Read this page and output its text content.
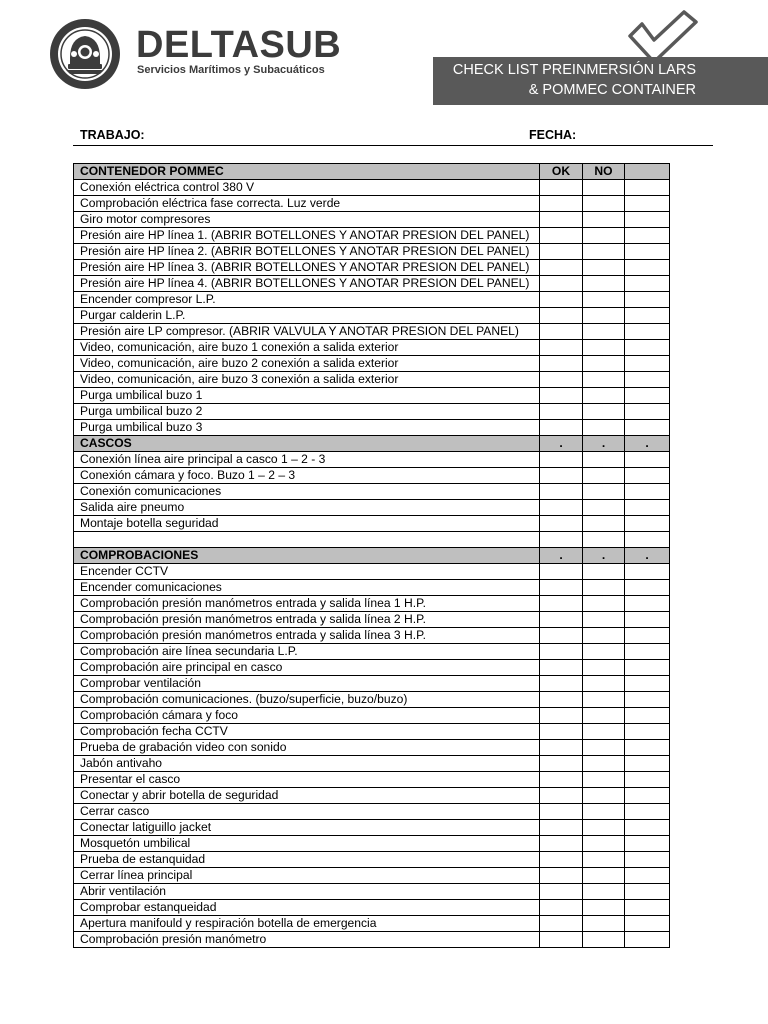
DELTASUB
Servicios Marítimos y Subacuáticos	CHECK LIST PREINMERSIÓN LARS
& POMMEC CONTAINER
TRABAJO:	FECHA:
CONTENEDOR POMMEC	OK	NO	
Conexión eléctrica control 380 V			
Comprobación eléctrica fase correcta. Luz verde			
Giro motor compresores			
Presión aire HP línea 1. (ABRIR BOTELLONES Y ANOTAR PRESION DEL PANEL)			
Presión aire HP línea 2. (ABRIR BOTELLONES Y ANOTAR PRESION DEL PANEL)			
Presión aire HP línea 3. (ABRIR BOTELLONES Y ANOTAR PRESION DEL PANEL)			
Presión aire HP línea 4. (ABRIR BOTELLONES Y ANOTAR PRESION DEL PANEL)			
Encender compresor L.P.			
Purgar calderin L.P.			
Presión aire LP compresor. (ABRIR VALVULA Y ANOTAR PRESION DEL PANEL)			
Video, comunicación, aire buzo 1 conexión a salida exterior			
Video, comunicación, aire buzo 2 conexión a salida exterior			
Video, comunicación, aire buzo 3 conexión a salida exterior			
Purga umbilical buzo 1			
Purga umbilical buzo 2			
Purga umbilical buzo 3			
CASCOS	.	.	.
Conexión línea aire principal a casco 1 – 2 - 3			
Conexión cámara y foco. Buzo 1 – 2 – 3			
Conexión comunicaciones			
Salida aire pneumo			
Montaje botella seguridad			

COMPROBACIONES	.	.	.
Encender CCTV			
Encender comunicaciones			
Comprobación presión manómetros entrada y salida línea 1 H.P.			
Comprobación presión manómetros entrada y salida línea 2 H.P.			
Comprobación presión manómetros entrada y salida línea 3 H.P.			
Comprobación aire línea secundaria L.P.			
Comprobación aire principal en casco			
Comprobar ventilación			
Comprobación comunicaciones. (buzo/superficie, buzo/buzo)			
Comprobación cámara y foco			
Comprobación fecha CCTV			
Prueba de grabación video con sonido			
Jabón antivaho			
Presentar el casco			
Conectar y abrir botella de seguridad			
Cerrar casco			
Conectar latiguillo jacket			
Mosquetón umbilical			
Prueba de estanquidad			
Cerrar línea principal			
Abrir ventilación			
Comprobar estanqueidad			
Apertura manifould y respiración botella de emergencia			
Comprobación presión manómetro			
